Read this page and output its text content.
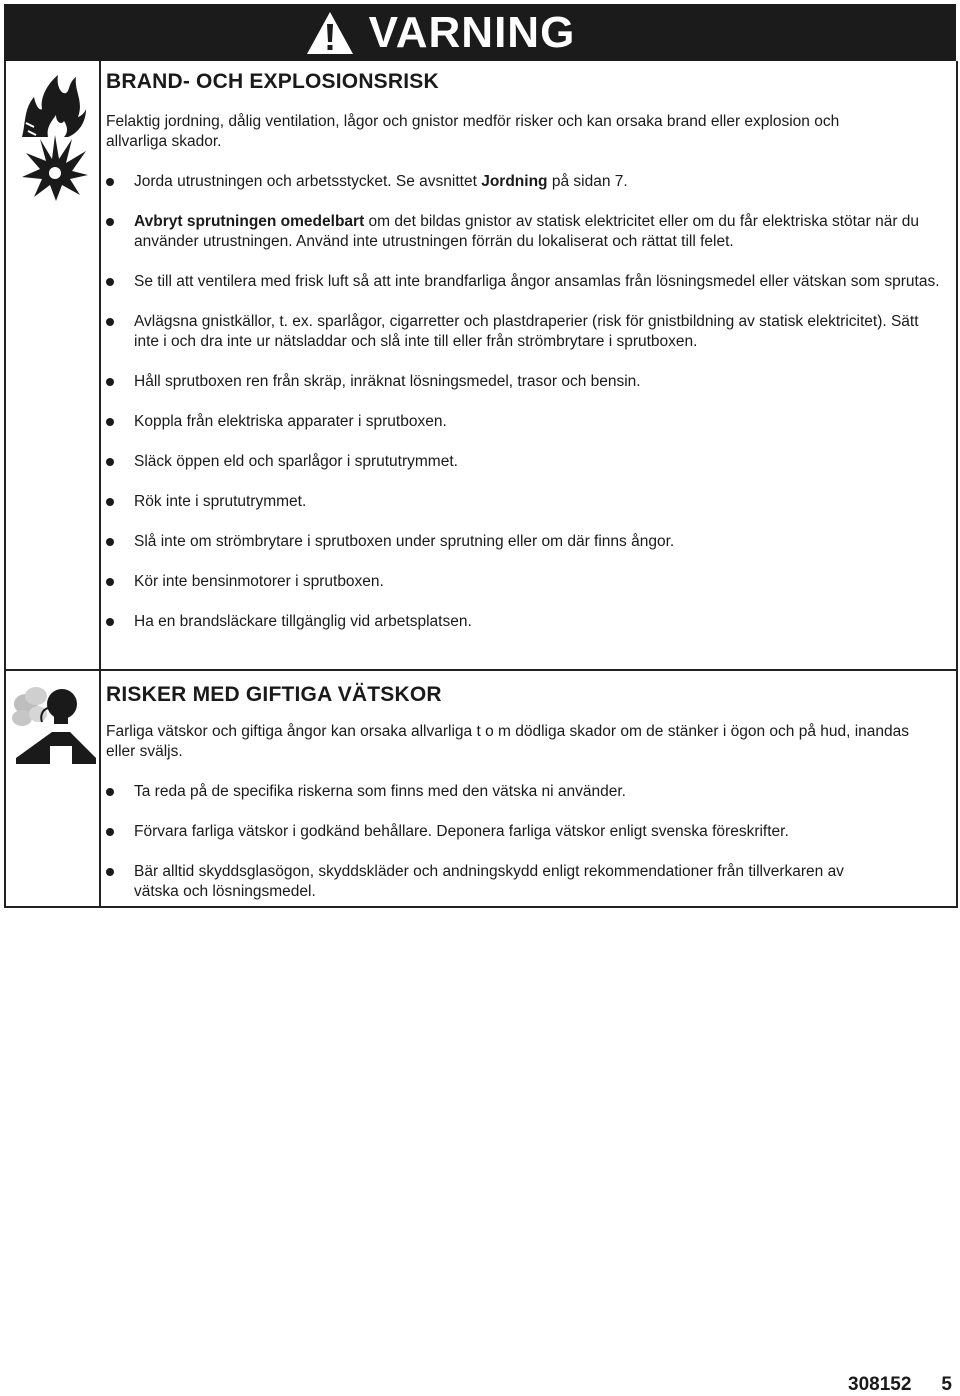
VARNING
BRAND- OCH EXPLOSIONSRISK

Felaktig jordning, dålig ventilation, lågor och gnistor medför risker och kan orsaka brand eller explosion och allvarliga skador.

Jorda utrustningen och arbetsstycket. Se avsnittet Jordning på sidan 7.
Avbryt sprutningen omedelbart om det bildas gnistor av statisk elektricitet eller om du får elektriska stötar när du använder utrustningen. Använd inte utrustningen förrän du lokaliserat och rättat till felet.
Se till att ventilera med frisk luft så att inte brandfarliga ångor ansamlas från lösningsmedel eller vätskan som sprutas.
Avlägsna gnistkällor, t. ex. sparlågor, cigarretter och plastdraperier (risk för gnistbildning av statisk elektricitet). Sätt inte i och dra inte ur nätsladdar och slå inte till eller från strömbrytare i sprutboxen.
Håll sprutboxen ren från skräp, inräknat lösningsmedel, trasor och bensin.
Koppla från elektriska apparater i sprutboxen.
Släck öppen eld och sparlågor i sprututrymmet.
Rök inte i sprututrymmet.
Slå inte om strömbrytare i sprutboxen under sprutning eller om där finns ångor.
Kör inte bensinmotorer i sprutboxen.
Ha en brandsläckare tillgänglig vid arbetsplatsen.
RISKER MED GIFTIGA VÄTSKOR

Farliga vätskor och giftiga ångor kan orsaka allvarliga t o m dödliga skador om de stänker i ögon och på hud, inandas eller sväljs.

Ta reda på de specifika riskerna som finns med den vätska ni använder.
Förvara farliga vätskor i godkänd behållare. Deponera farliga vätskor enligt svenska föreskrifter.
Bär alltid skyddsglasögon, skyddskläder och andningskydd enligt rekommendationer från tillverkaren av vätska och lösningsmedel.
308152 5
